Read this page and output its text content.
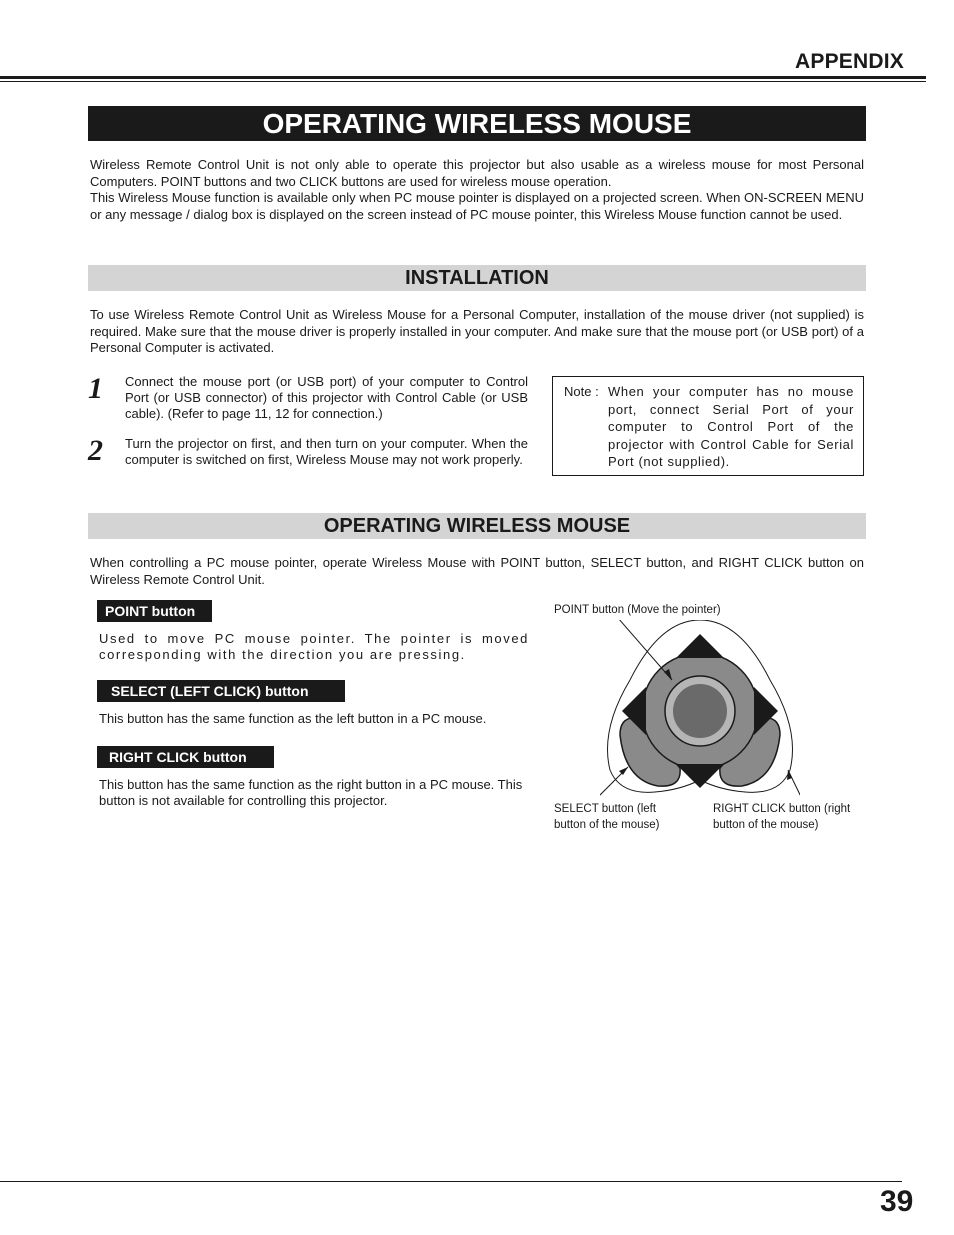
APPENDIX
OPERATING WIRELESS MOUSE

Wireless Remote Control Unit is not only able to operate this projector but also usable as a wireless mouse for most Personal Computers. POINT buttons and two CLICK buttons are used for wireless mouse operation.

This Wireless Mouse function is available only when PC mouse pointer is displayed on a projected screen. When ON-SCREEN MENU or any message / dialog box is displayed on the screen instead of PC mouse pointer, this Wireless Mouse function cannot be used.

INSTALLATION
To use Wireless Remote Control Unit as Wireless Mouse for a Personal Computer, installation of the mouse driver (not supplied) is required. Make sure that the mouse driver is properly installed in your computer. And make sure that the mouse port (or USB port) of a Personal Computer is activated.
1 Connect the mouse port (or USB port) of your computer to Control Port (or USB connector) of this projector with Control Cable (or USB cable). (Refer to page 11, 12 for connection.)
2 Turn the projector on first, and then turn on your computer. When the computer is switched on first, Wireless Mouse may not work properly.
Note : When your computer has no mouse port, connect Serial Port of your computer to Control Port of the projector with Control Cable for Serial Port (not supplied).
OPERATING WIRELESS MOUSE
When controlling a PC mouse pointer, operate Wireless Mouse with POINT button, SELECT button, and RIGHT CLICK button on Wireless Remote Control Unit.
POINT button
Used to move PC mouse pointer. The pointer is moved corresponding with the direction you are pressing.
SELECT (LEFT CLICK) button
This button has the same function as the left button in a PC mouse.
RIGHT CLICK button
This button has the same function as the right button in a PC mouse. This button is not available for controlling this projector.
POINT button (Move the pointer)
SELECT button (left button of the mouse)
RIGHT CLICK button (right button of the mouse)
39
